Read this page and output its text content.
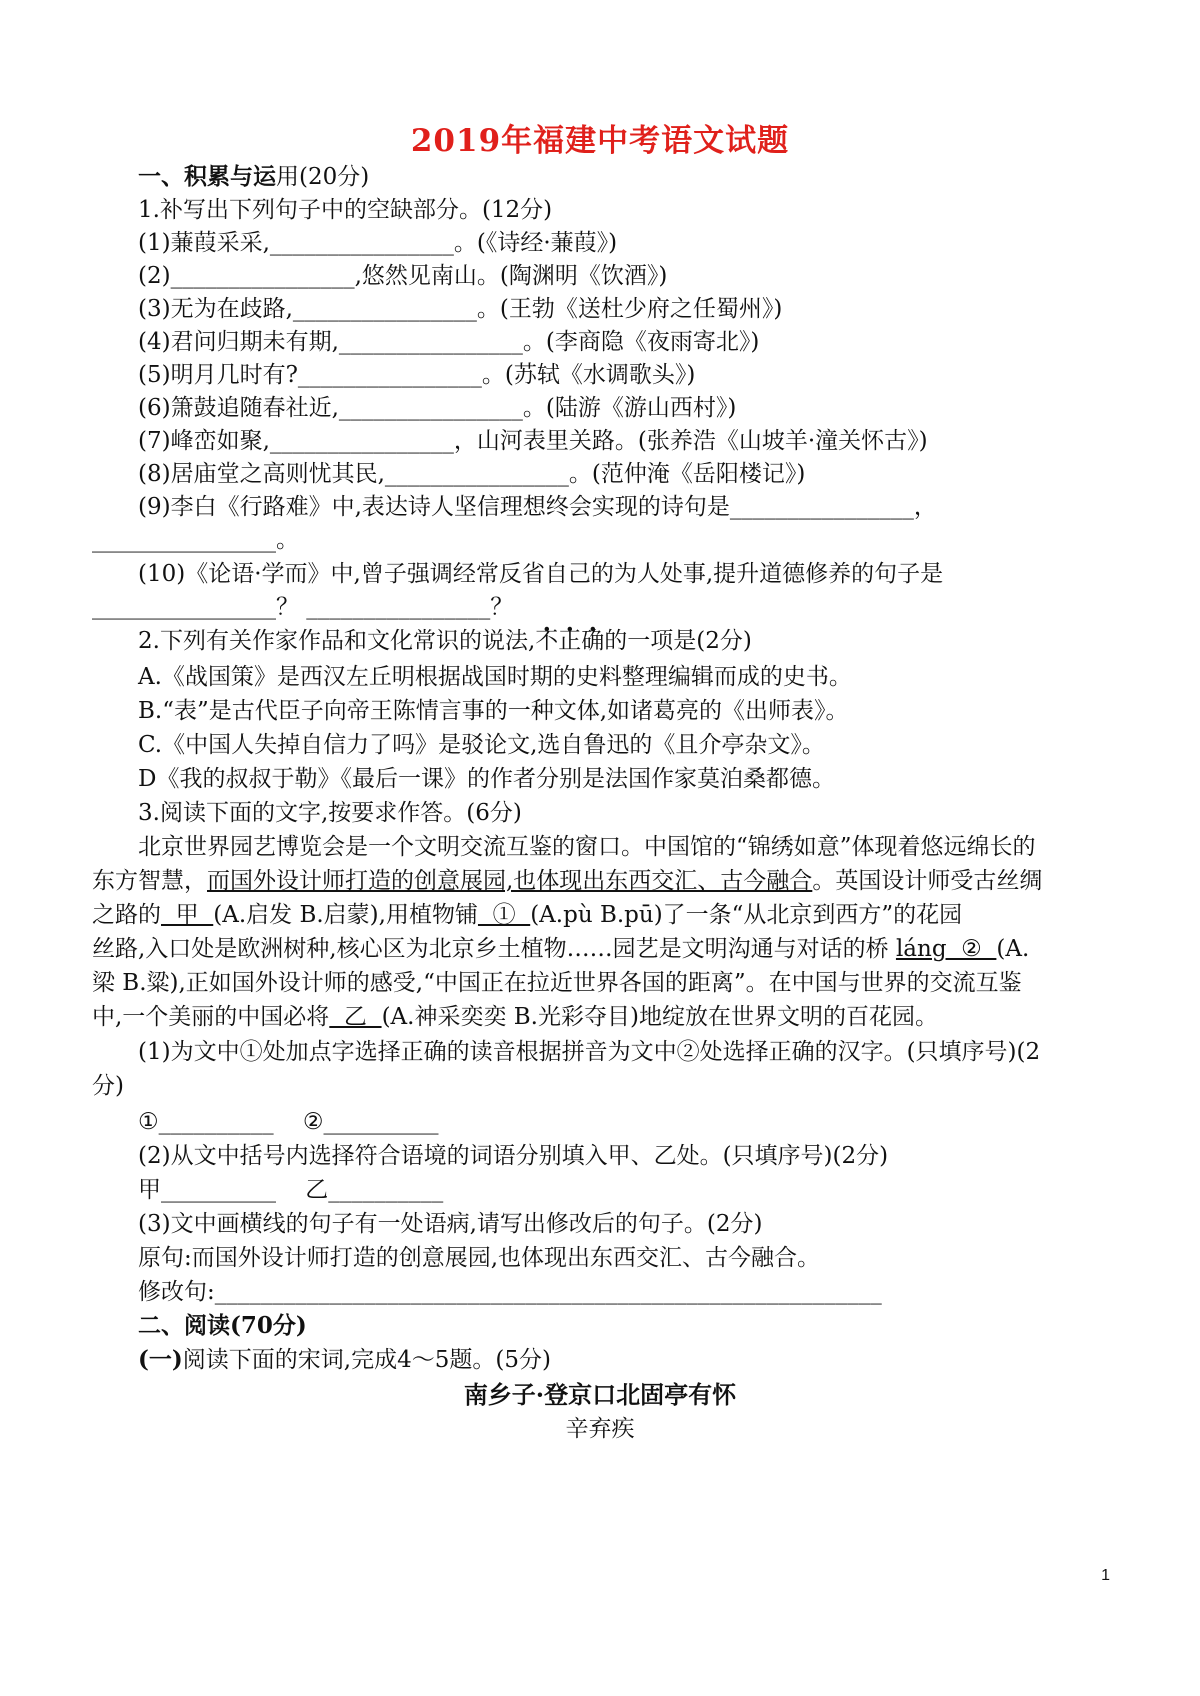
2019年福建中考语文试题
一、积累与运用(20分)
1.补写出下列句子中的空缺部分。(12分)
(1)蒹葭采采,________________。(《诗经·蒹葭》)
(2)________________,悠然见南山。(陶渊明《饮酒》)
(3)无为在歧路,________________。(王勃《送杜少府之任蜀州》)
(4)君问归期未有期,________________。(李商隐《夜雨寄北》)
(5)明月几时有?________________。(苏轼《水调歌头》)
(6)箫鼓追随春社近,________________。(陆游《游山西村》)
(7)峰峦如聚,________________，山河表里关路。(张养浩《山坡羊·潼关怀古》)
(8)居庙堂之高则忧其民,________________。(范仲淹《岳阳楼记》)
(9)李白《行路难》中,表达诗人坚信理想终会实现的诗句是________________，
________________。
(10)《论语·学而》中,曾子强调经常反省自己的为人处事,提升道德修养的句子是
________________？ ________________？
2.下列有关作家作品和文化常识的说法,不正确的一项是(2分)
A.《战国策》是西汉左丘明根据战国时期的史料整理编辑而成的史书。
B.“表”是古代臣子向帝王陈情言事的一种文体,如诸葛亮的《出师表》。
C.《中国人失掉自信力了吗》是驳论文,选自鲁迅的《且介亭杂文》。
D《我的叔叔于勒》《最后一课》的作者分别是法国作家莫泊桑都德。
3.阅读下面的文字,按要求作答。(6分)
北京世界园艺博览会是一个文明交流互鉴的窗口。中国馆的“锦绣如意”体现着悠远绵长的
东方智慧，而国外设计师打造的创意展园,也体现出东西交汇、古今融合。英国设计师受古丝绸
之路的  甲  (A.启发 B.启蒙),用植物铺  ①  (A.pù B.pū)了一条“从北京到西方”的花园
丝路,入口处是欧洲树种,核心区为北京乡土植物……园艺是文明沟通与对话的桥 láng  ②  (A.
梁 B.粱),正如国外设计师的感受,“中国正在拉近世界各国的距离”。在中国与世界的交流互鉴
中,一个美丽的中国必将  乙  (A.神采奕奕 B.光彩夺目)地绽放在世界文明的百花园。
(1)为文中①处加点字选择正确的读音根据拼音为文中②处选择正确的汉字。(只填序号)(2
分)
①__________    ②__________
(2)从文中括号内选择符合语境的词语分别填入甲、乙处。(只填序号)(2分)
甲__________    乙__________
(3)文中画横线的句子有一处语病,请写出修改后的句子。(2分)
原句:而国外设计师打造的创意展园,也体现出东西交汇、古今融合。
修改句:__________________________________________________________
二、阅读(70分)
(一)阅读下面的宋词,完成4～5题。(5分)
南乡子·登京口北固亭有怀
辛弃疾
1
